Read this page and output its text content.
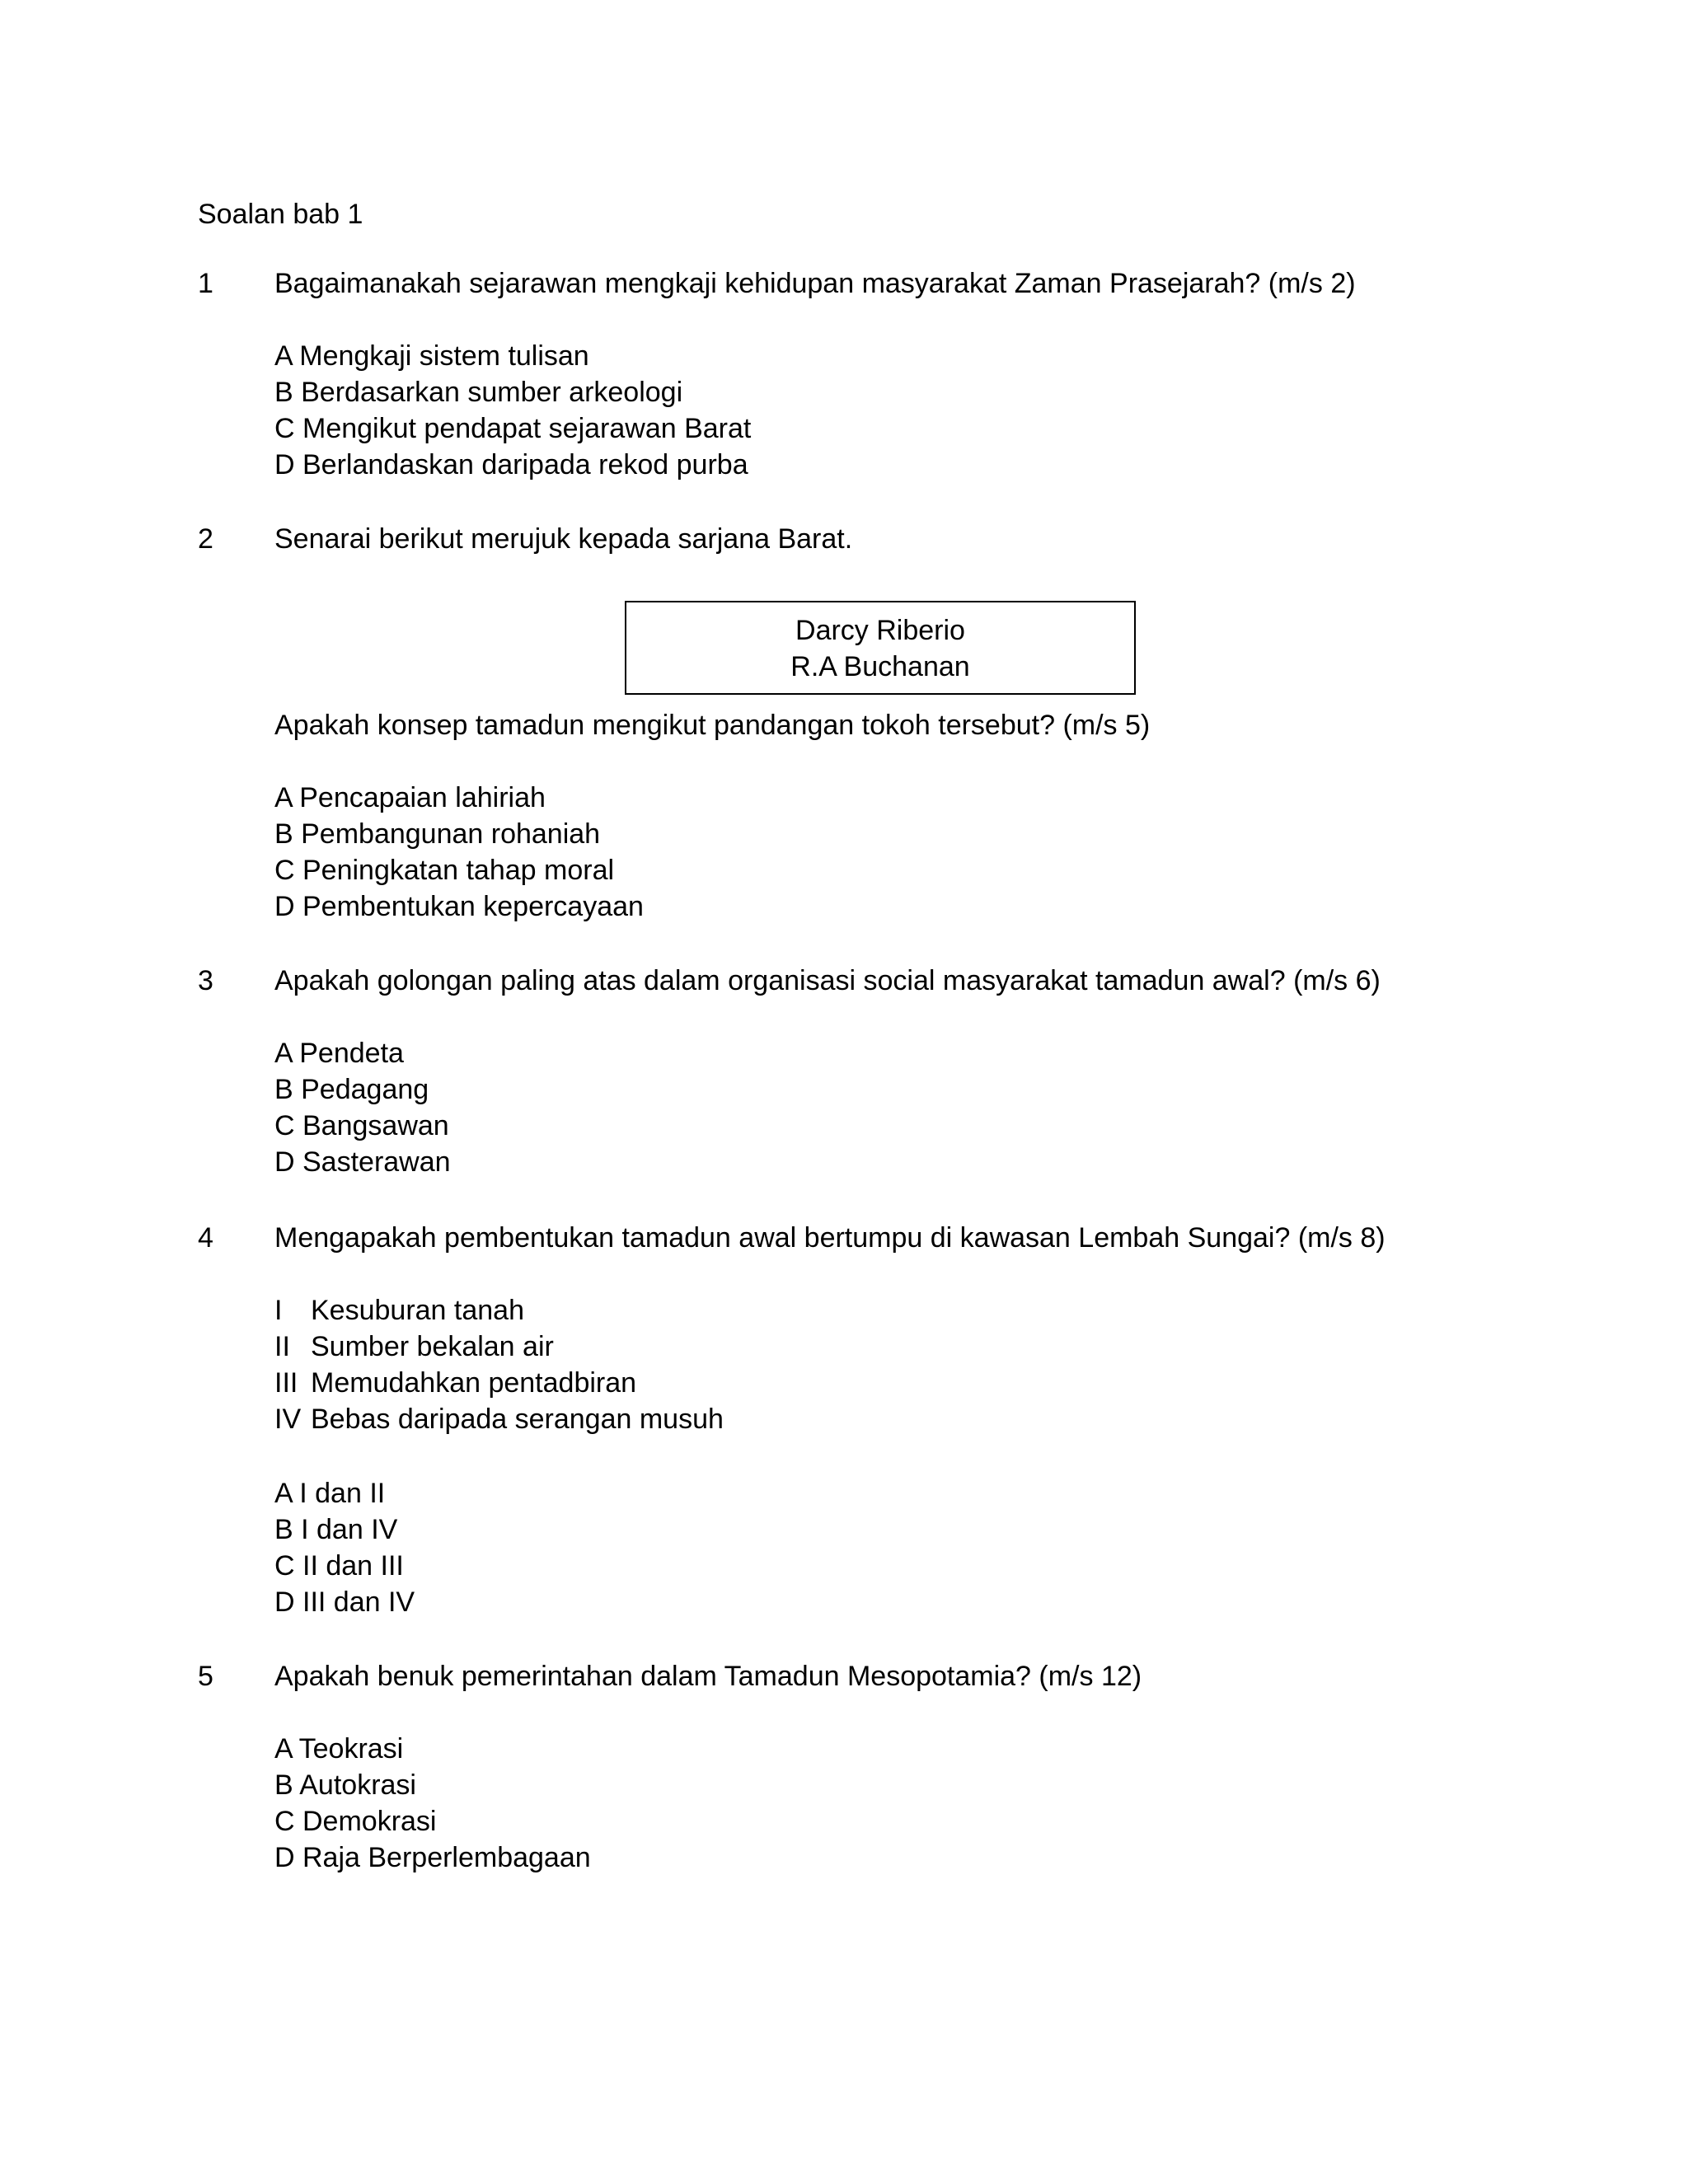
Soalan bab 1
1 Bagaimanakah sejarawan mengkaji kehidupan masyarakat Zaman Prasejarah? (m/s 2)
A Mengkaji sistem tulisan
B Berdasarkan sumber arkeologi
C Mengikut pendapat sejarawan Barat
D Berlandaskan daripada rekod purba
2 Senarai berikut merujuk kepada sarjana Barat.
Darcy Riberio
R.A Buchanan
Apakah konsep tamadun mengikut pandangan tokoh tersebut? (m/s 5)
A Pencapaian lahiriah
B Pembangunan rohaniah
C Peningkatan tahap moral
D Pembentukan kepercayaan
3 Apakah golongan paling atas dalam organisasi social masyarakat tamadun awal? (m/s 6)
A Pendeta
B Pedagang
C Bangsawan
D Sasterawan
4 Mengapakah pembentukan tamadun awal bertumpu di kawasan Lembah Sungai? (m/s 8)
I Kesuburan tanah
II Sumber bekalan air
III Memudahkan pentadbiran
IV Bebas daripada serangan musuh
A I dan II
B I dan IV
C II dan III
D III dan IV
5 Apakah benuk pemerintahan dalam Tamadun Mesopotamia? (m/s 12)
A Teokrasi
B Autokrasi
C Demokrasi
D Raja Berperlembagaan
